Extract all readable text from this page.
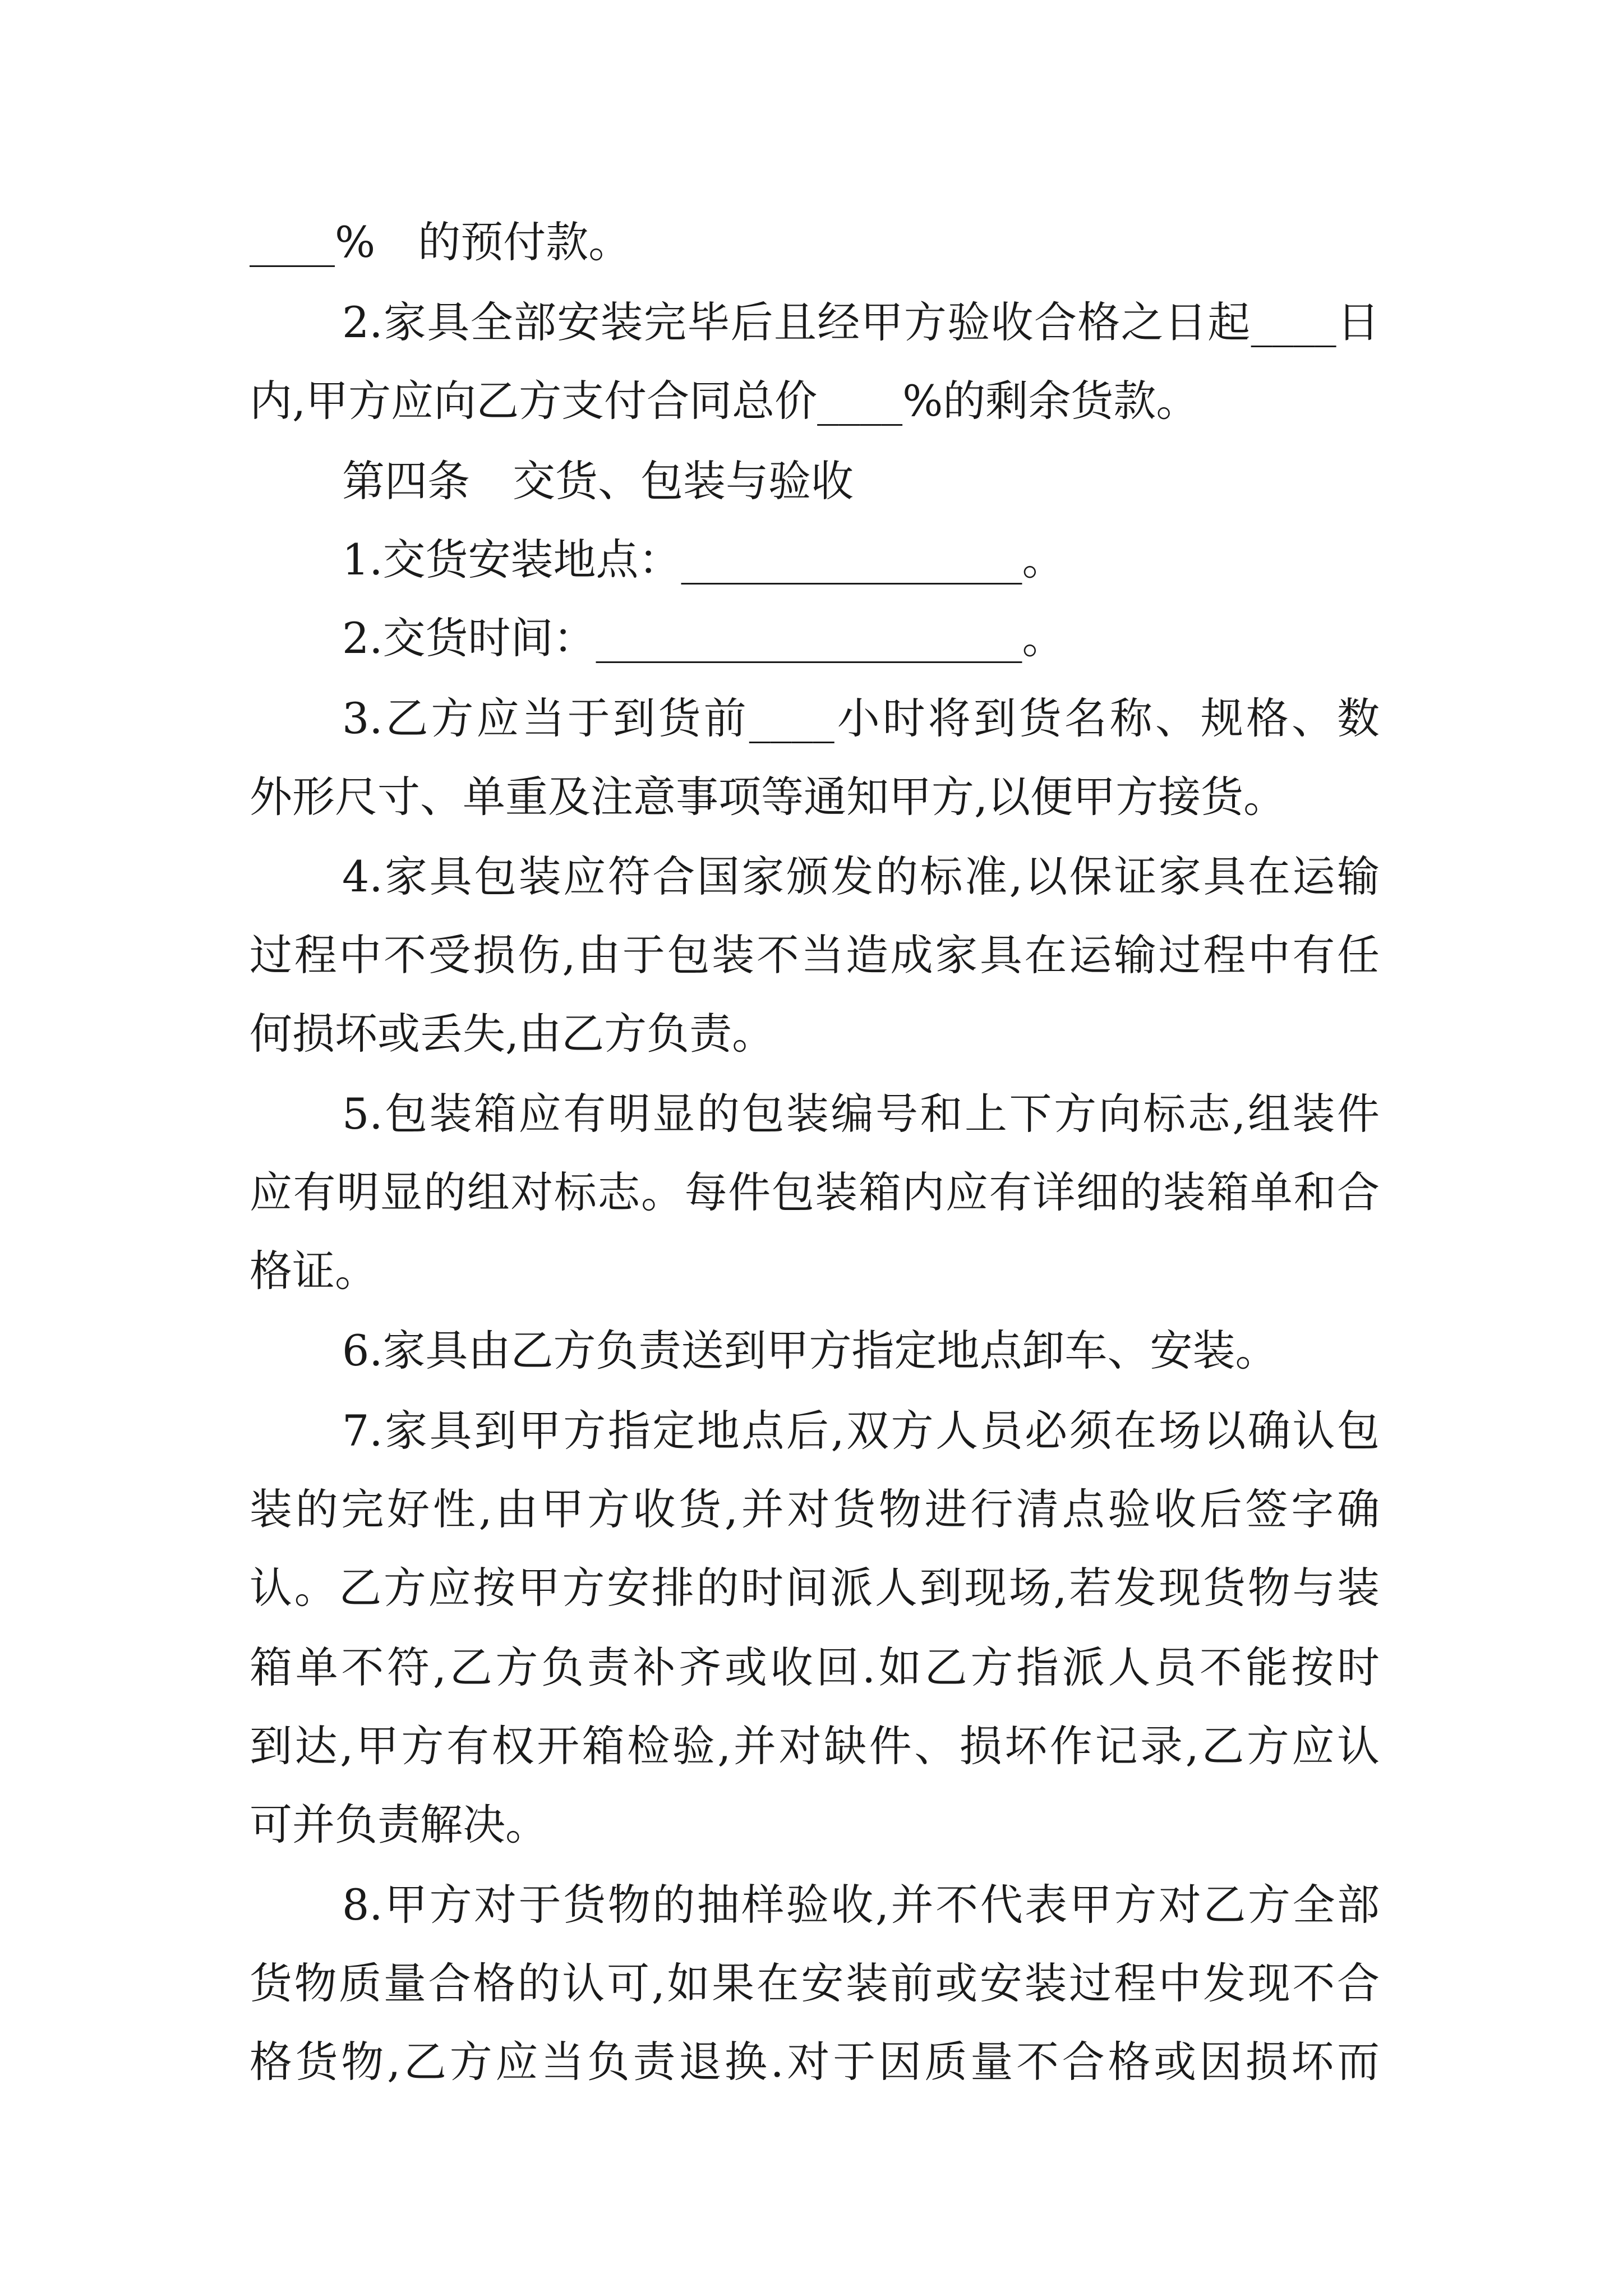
____%　的预付款。
2.家具全部安装完毕后且经甲方验收合格之日起____日
内,甲方应向乙方支付合同总价____%的剩余货款。
第四条　交货、包装与验收
1.交货安装地点：________________。
2.交货时间：____________________。
3.乙方应当于到货前____小时将到货名称、规格、数
外形尺寸、单重及注意事项等通知甲方,以便甲方接货。
4.家具包装应符合国家颁发的标准,以保证家具在运输
过程中不受损伤,由于包装不当造成家具在运输过程中有任
何损坏或丢失,由乙方负责。
5.包装箱应有明显的包装编号和上下方向标志,组装件
应有明显的组对标志。每件包装箱内应有详细的装箱单和合
格证。
6.家具由乙方负责送到甲方指定地点卸车、安装。
7.家具到甲方指定地点后,双方人员必须在场以确认包
装的完好性,由甲方收货,并对货物进行清点验收后签字确
认。乙方应按甲方安排的时间派人到现场,若发现货物与装
箱单不符,乙方负责补齐或收回.如乙方指派人员不能按时
到达,甲方有权开箱检验,并对缺件、损坏作记录,乙方应认
可并负责解决。
8.甲方对于货物的抽样验收,并不代表甲方对乙方全部
货物质量合格的认可,如果在安装前或安装过程中发现不合
格货物,乙方应当负责退换.对于因质量不合格或因损坏而
